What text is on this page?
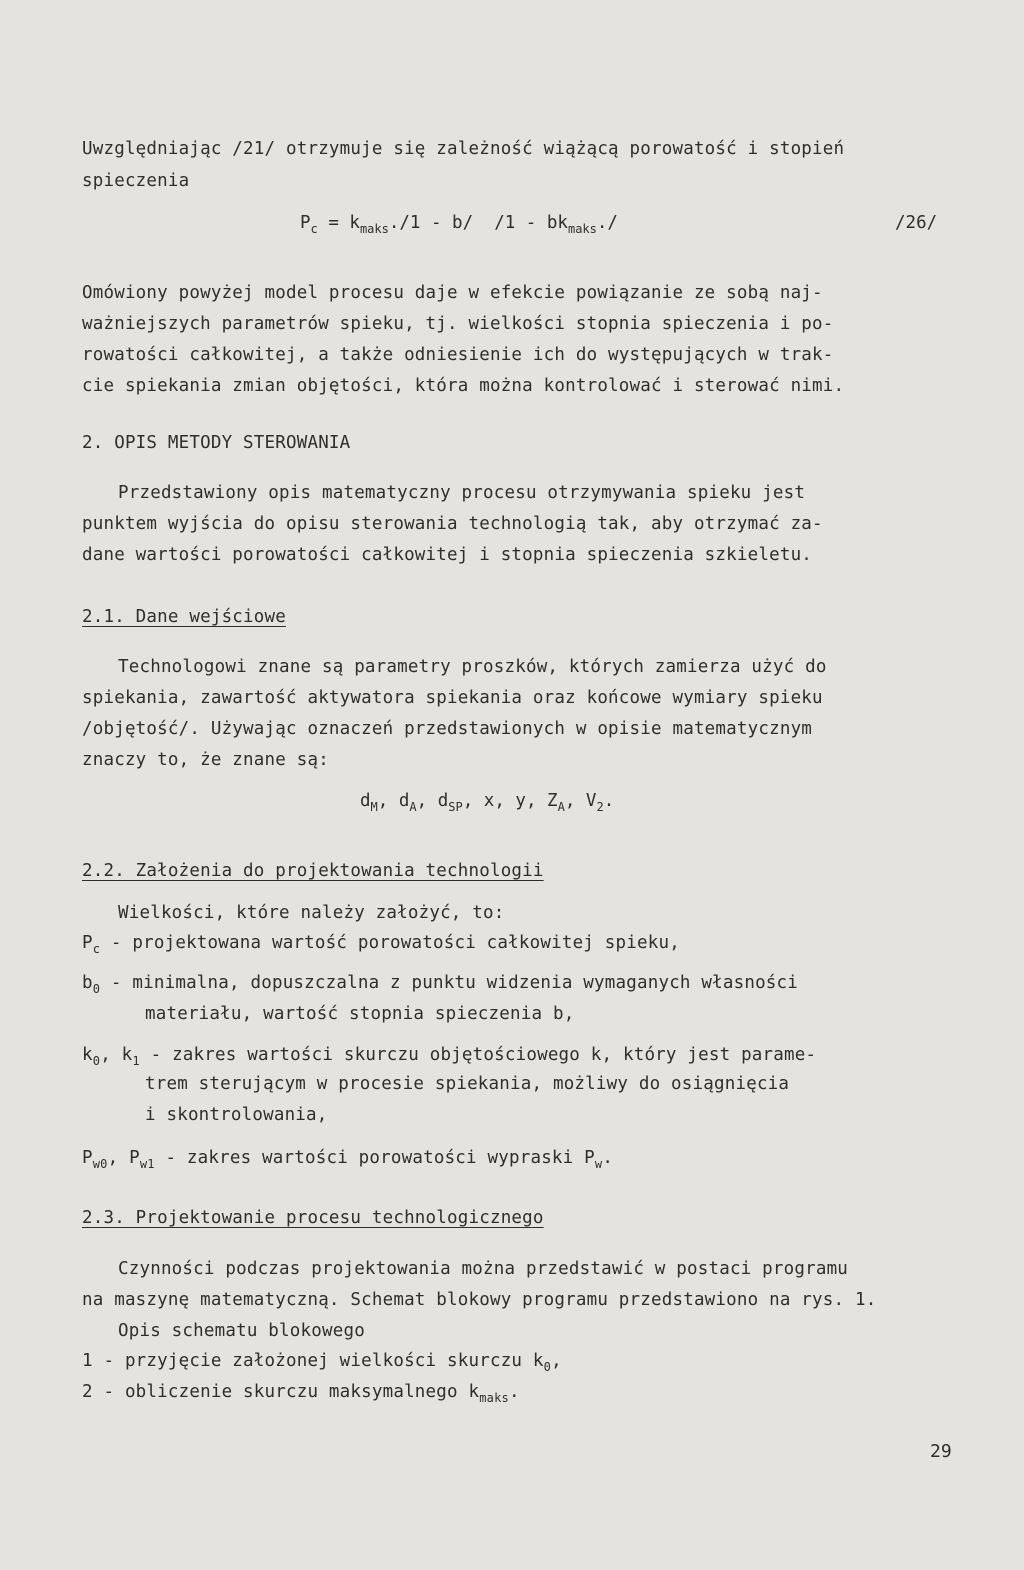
Uwzględniając /21/ otrzymuje się zależność wiążącą porowatość i stopień
spieczenia
$P_c = k_{maks}./1 - b/$  $/1 - bk_{maks}./$	/26/
Omówiony powyżej model procesu daje w efekcie powiązanie ze sobą naj-
ważniejszych parametrów spieku, tj. wielkości stopnia spieczenia i po-
rowatości całkowitej, a także odniesienie ich do występujących w trak-
cie spiekania zmian objętości, która można kontrolować i sterować nimi.
2. OPIS METODY STEROWANIA
Przedstawiony opis matematyczny procesu otrzymywania spieku jest
punktem wyjścia do opisu sterowania technologią tak, aby otrzymać za-
dane wartości porowatości całkowitej i stopnia spieczenia szkieletu.
2.1. Dane wejściowe
Technologowi znane są parametry proszków, których zamierza użyć do
spiekania, zawartość aktywatora spiekania oraz końcowe wymiary spieku
/objętość/. Używając oznaczeń przedstawionych w opisie matematycznym
znaczy to, że znane są:
$d_M$, $d_A$, $d_{SP}$, x, y, $Z_A$, $V_2$.
2.2. Założenia do projektowania technologii
Wielkości, które należy założyć, to:
$P_c$ - projektowana wartość porowatości całkowitej spieku,
$b_0$ - minimalna, dopuszczalna z punktu widzenia wymaganych własności
materiału, wartość stopnia spieczenia b,
$k_0$, $k_1$ - zakres wartości skurczu objętościowego k, który jest parame-
trem sterującym w procesie spiekania, możliwy do osiągnięcia
i skontrolowania,
$P_{w0}$, $P_{w1}$ - zakres wartości porowatości wypraski $P_w$.
2.3. Projektowanie procesu technologicznego
Czynności podczas projektowania można przedstawić w postaci programu
na maszynę matematyczną. Schemat blokowy programu przedstawiono na rys. 1.
Opis schematu blokowego
1 - przyjęcie założonej wielkości skurczu $k_0$,
2 - obliczenie skurczu maksymalnego $k_{maks}$.
29
